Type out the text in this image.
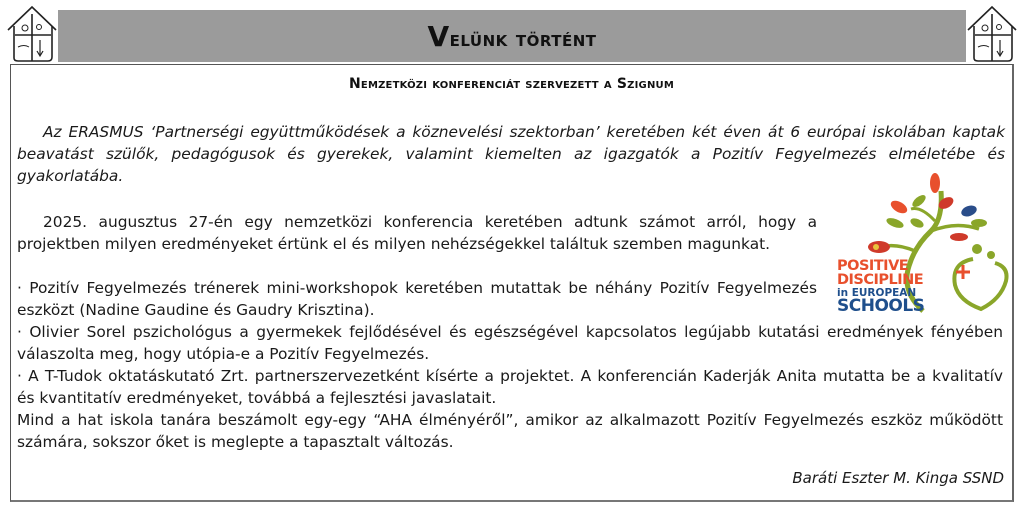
Velünk történt
Nemzetközi konferenciát szervezett a Szignum
Az ERASMUS ‘Partnerségi együttműködések a köznevelési szektorban’ keretében két éven át 6 európai iskolában kaptak beavatást szülők, pedagógusok és gyerekek, valamint kiemelten az igazgatók a Pozitív Fegyelmezés elméletébe és gyakorlatába.
2025. augusztus 27-én egy nemzetközi konferencia keretében adtunk számot arról, hogy a projektben milyen eredményeket értünk el és milyen nehézségekkel találtuk szemben magunkat.
· Pozitív Fegyelmezés trénerek mini-workshopok keretében mutattak be néhány Pozitív Fegyelmezés eszközt (Nadine Gaudine és Gaudry Krisztina).
· Olivier Sorel pszichológus a gyermekek fejlődésével és egészségével kapcsolatos legújabb kutatási eredmények fényében válaszolta meg, hogy utópia-e a Pozitív Fegyelmezés.
· A T-Tudok oktatáskutató Zrt. partnerszervezetként kísérte a projektet. A konferencián Kaderják Anita mutatta be a kvalitatív és kvantitatív eredményeket, továbbá a fejlesztési javaslatait.
Mind a hat iskola tanára beszámolt egy-egy “AHA élményéről”, amikor az alkalmazott Pozitív Fegyelmezés eszköz működött számára, sokszor őket is meglepte a tapasztalt változás.
Baráti Eszter M. Kinga SSND
POSITIVE
DISCIPLINE
in EUROPEAN
SCHOOLS
